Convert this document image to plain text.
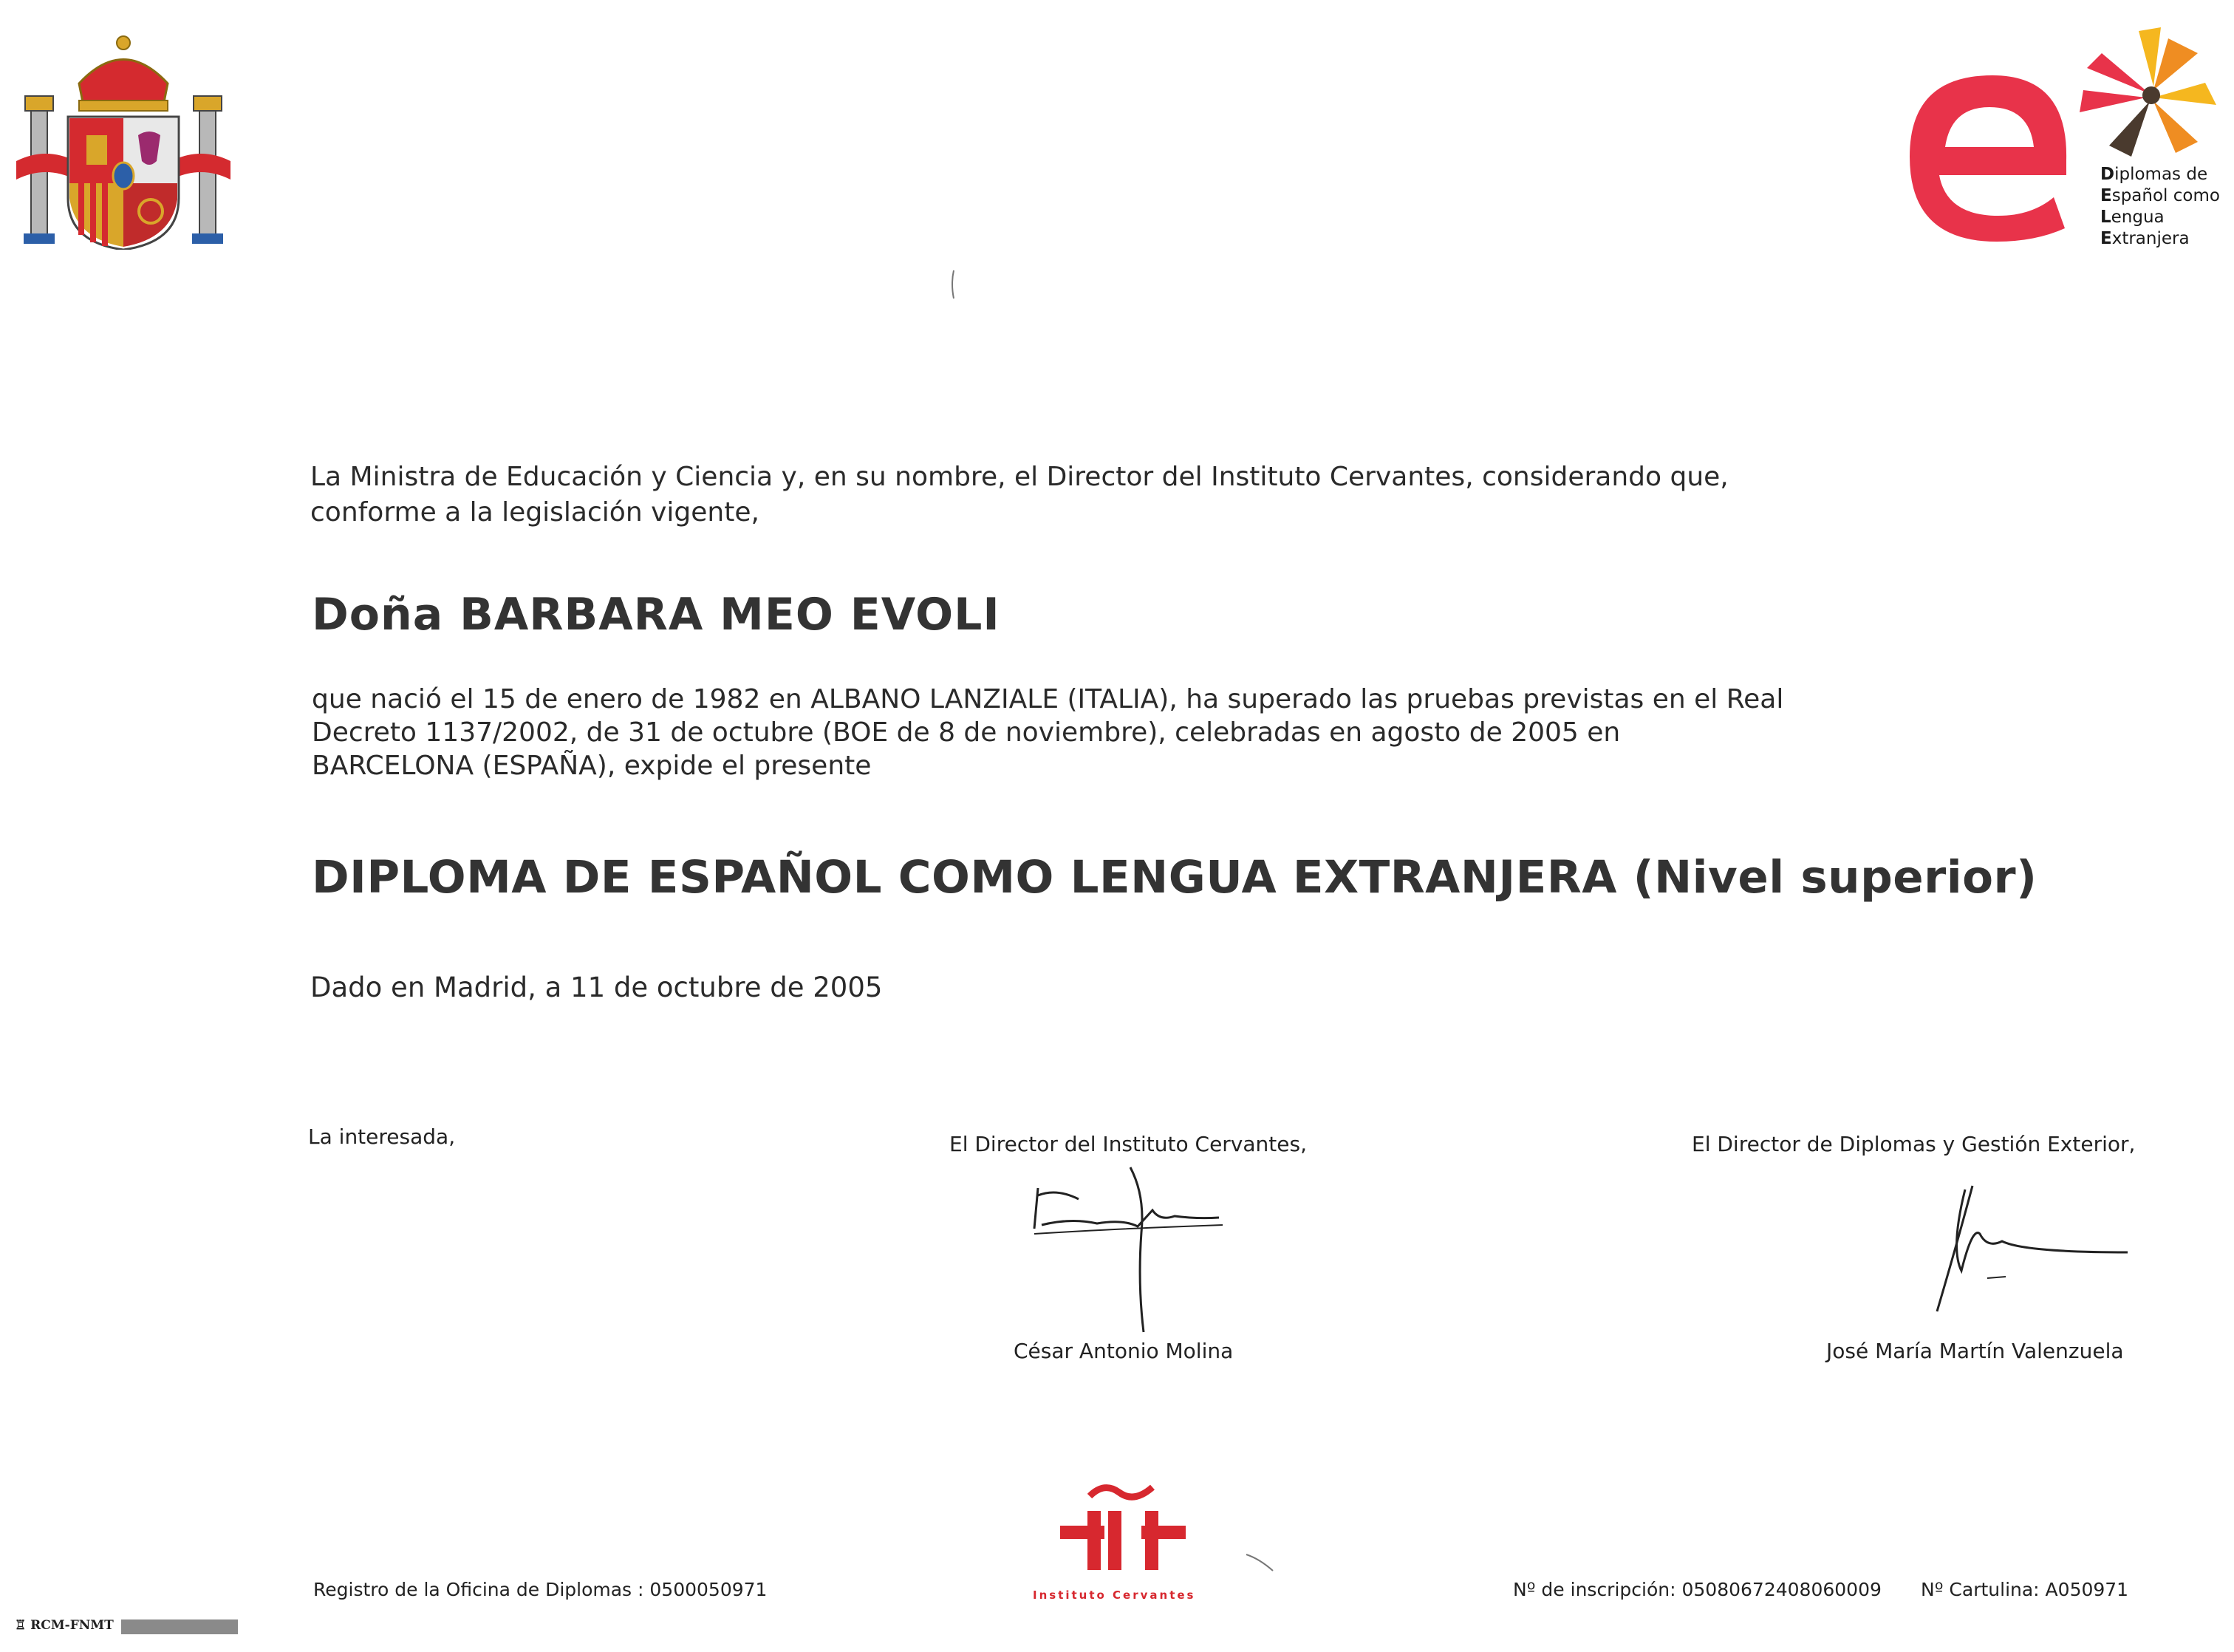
Diplomas de
Español como
Lengua
Extranjera
La Ministra de Educación y Ciencia y, en su nombre, el Director del Instituto Cervantes, considerando que, conforme a la legislación vigente,
Doña BARBARA MEO EVOLI
que nació el 15 de enero de 1982 en ALBANO LANZIALE (ITALIA), ha superado las pruebas previstas en el Real Decreto 1137/2002, de 31 de octubre (BOE de 8 de noviembre), celebradas en agosto de 2005 en BARCELONA (ESPAÑA), expide el presente
DIPLOMA DE ESPAÑOL COMO LENGUA EXTRANJERA (Nivel superior)
Dado en Madrid, a 11 de octubre de 2005
La interesada,	El Director del Instituto Cervantes,	El Director de Diplomas y Gestión Exterior,
César Antonio Molina	José María Martín Valenzuela
Instituto Cervantes
Registro de la Oficina de Diplomas : 0500050971	Nº de inscripción: 05080672408060009 Nº Cartulina: A050971
♖ RCM-FNMT
